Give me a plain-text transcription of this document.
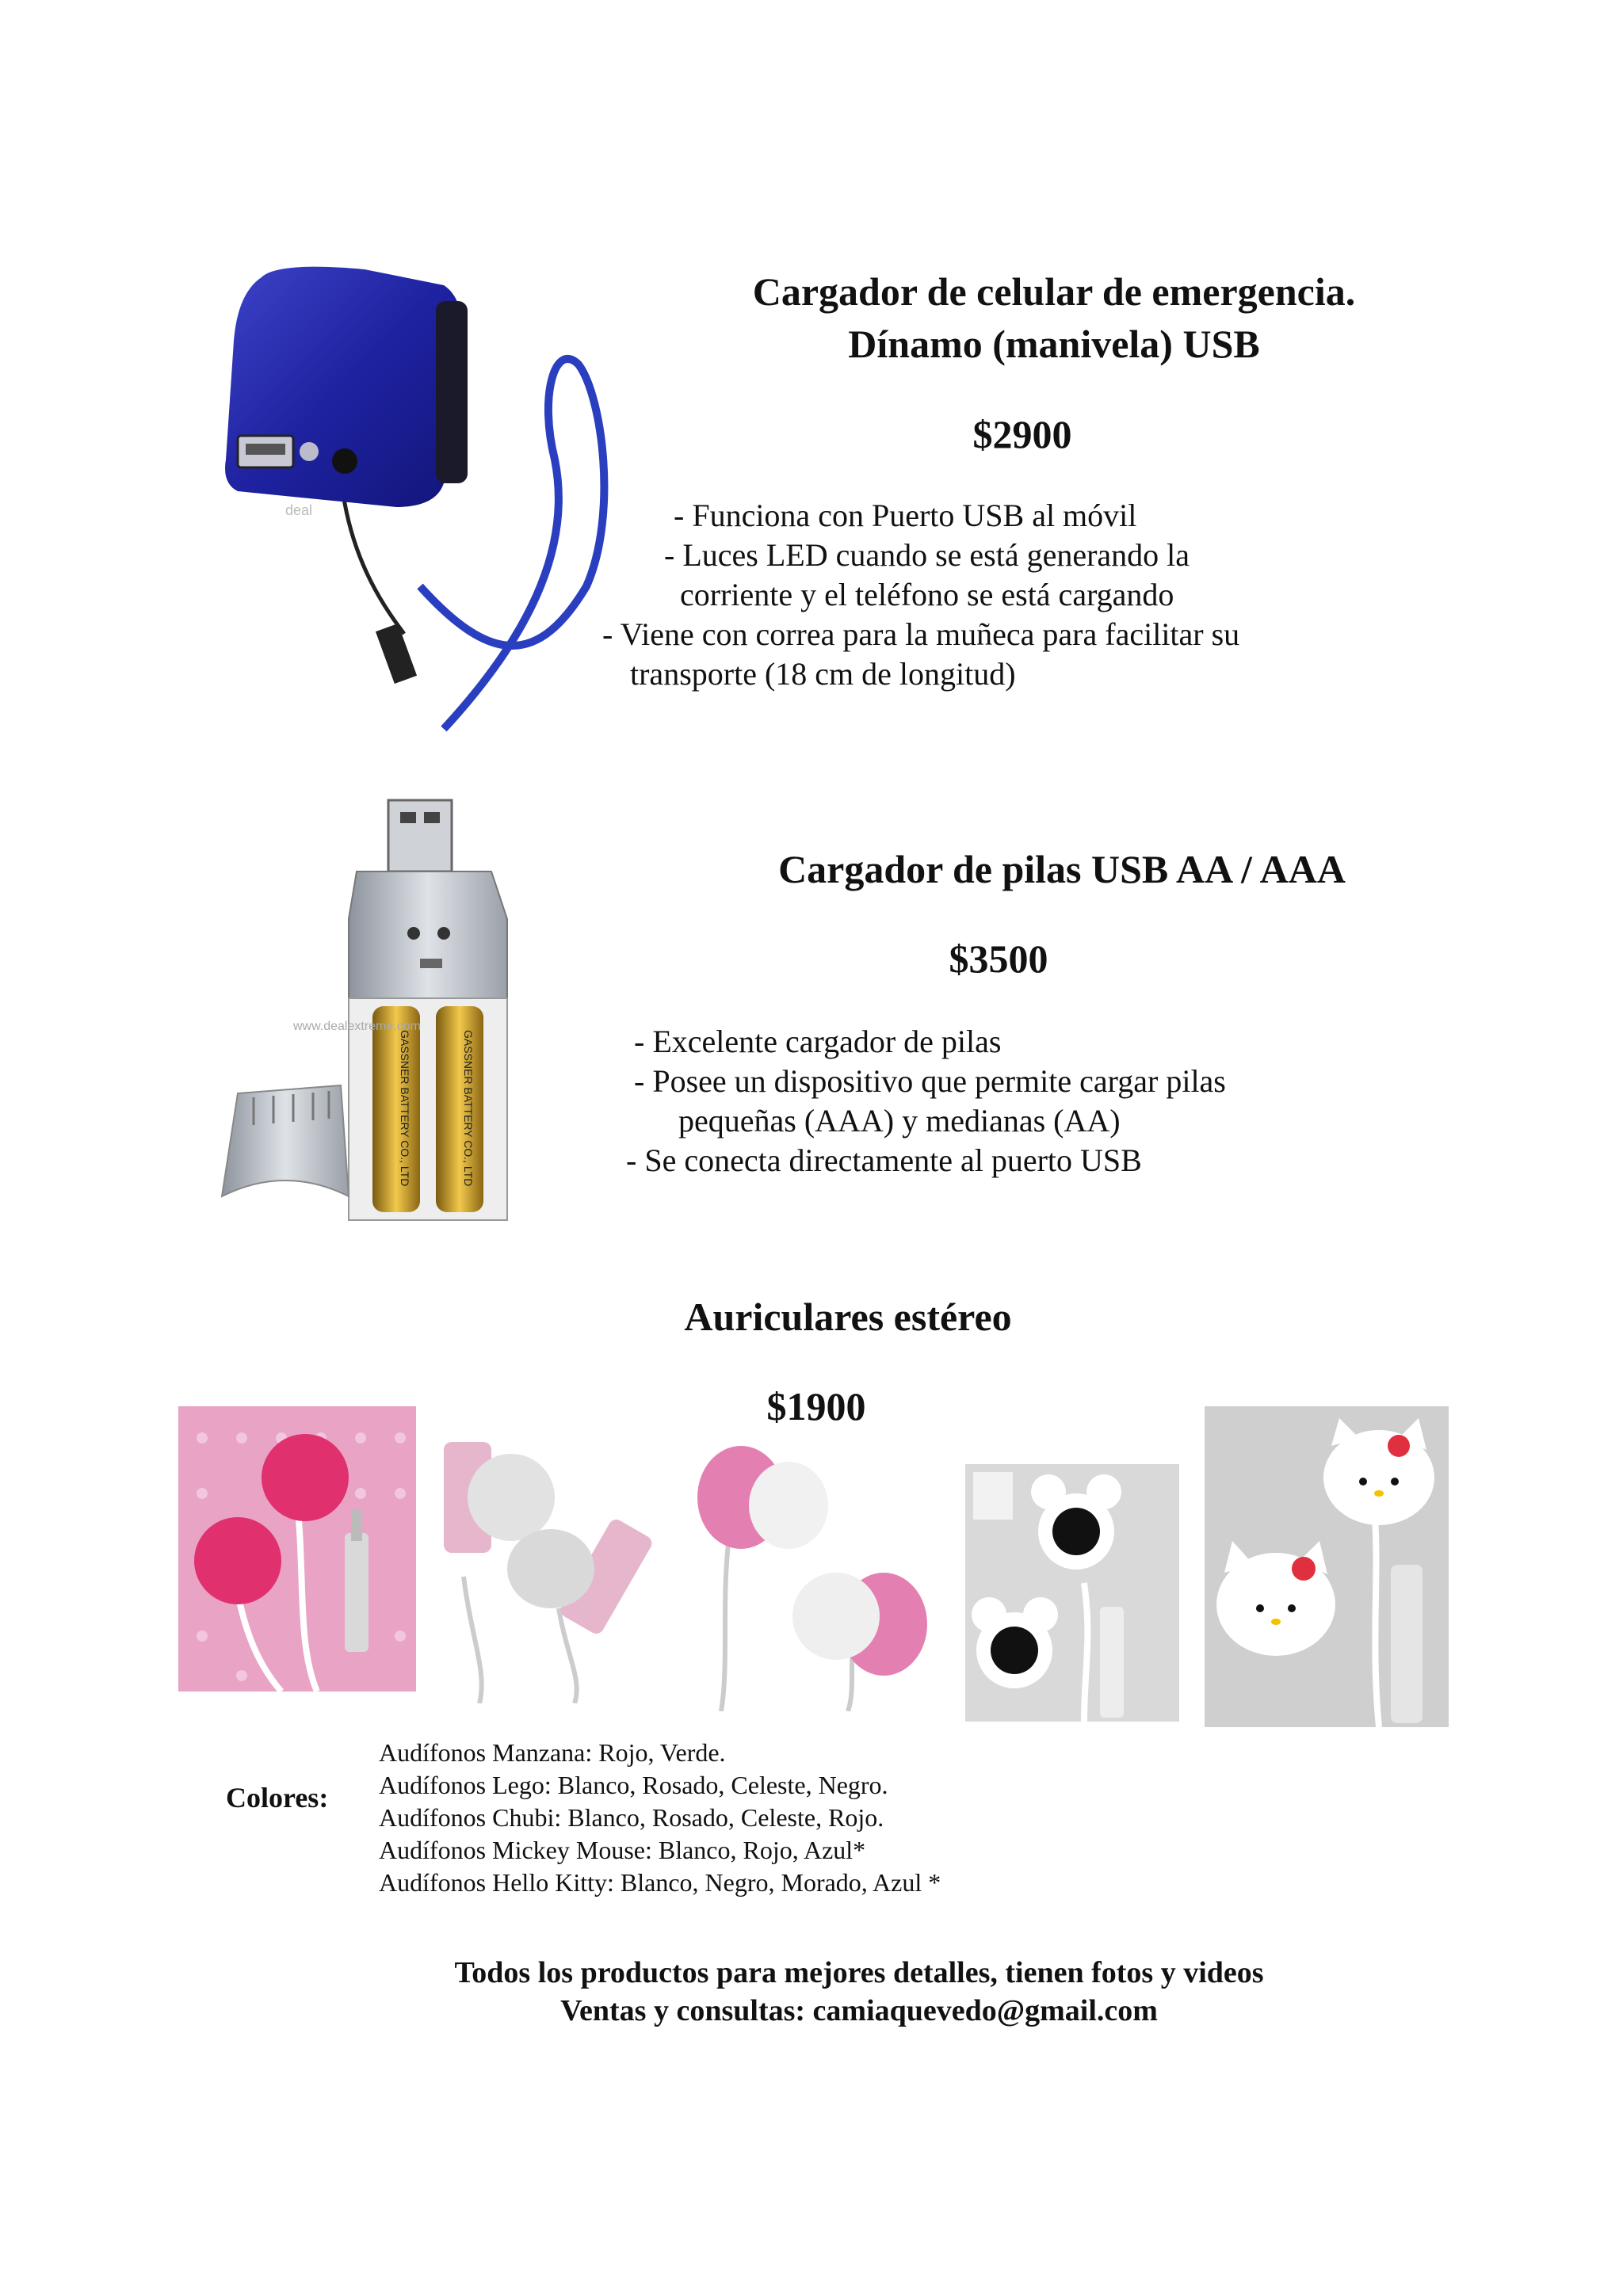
deal
Cargador de celular de emergencia.
Dínamo (manivela) USB
$2900
- Funciona con Puerto USB al móvil
- Luces LED cuando se está generando la
corriente y el teléfono se está cargando
- Viene con correa para la muñeca para facilitar su
transporte (18 cm de longitud)
GASSNER BATTERY CO., LTD	GASSNER BATTERY CO., LTD
www.dealextreme.com
Cargador de pilas USB AA / AAA
$3500
- Excelente cargador de pilas
- Posee un dispositivo que permite cargar pilas
pequeñas (AAA) y medianas (AA)
- Se conecta directamente al puerto USB
Auriculares estéreo
$1900
Colores:
Audífonos Manzana: Rojo, Verde.
Audífonos Lego: Blanco, Rosado, Celeste, Negro.
Audífonos Chubi: Blanco, Rosado, Celeste, Rojo.
Audífonos Mickey Mouse: Blanco, Rojo, Azul*
Audífonos Hello Kitty: Blanco, Negro, Morado, Azul *
Todos los productos para mejores detalles, tienen fotos y videos
Ventas y consultas: camiaquevedo@gmail.com
